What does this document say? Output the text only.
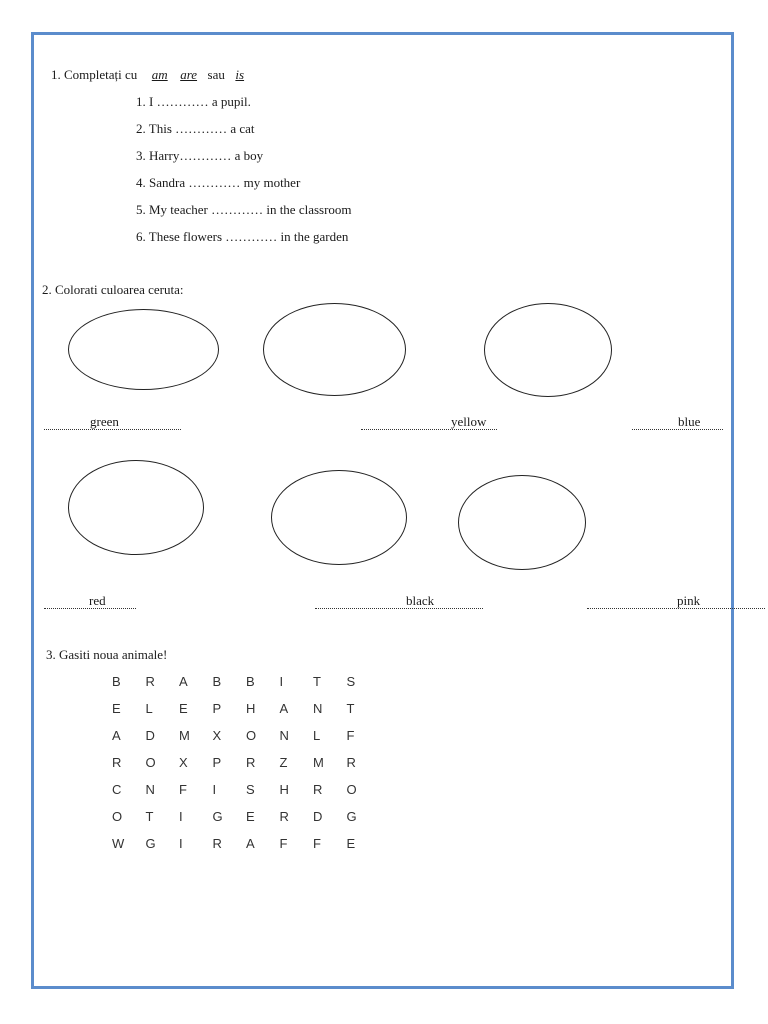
1. Completați cu am are sau is
1. I ………… a pupil.
2. This ………… a cat
3. Harry………… a boy
4. Sandra ………… my mother
5. My teacher ………… in the classroom
6. These flowers ………… in the garden
2. Colorati culoarea ceruta:
green	yellow	blue
red	black	pink
3. Gasiti noua animale!
B R A B B I T S
E L E P H A N T
A D M X O N L F
R O X P R Z M R
C N F I S H R O
O T I G E R D G
W G I R A F F E
